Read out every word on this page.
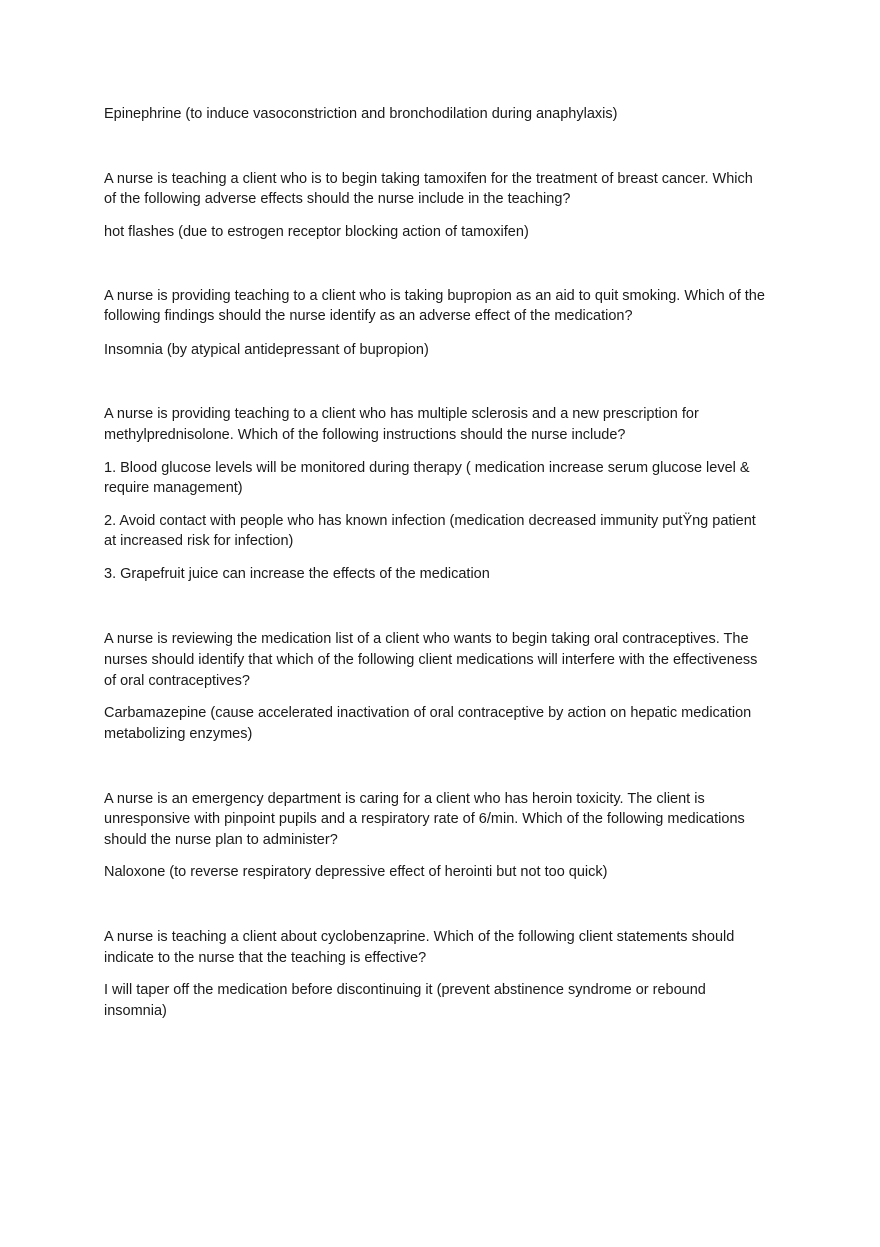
Epinephrine (to induce vasoconstriction and bronchodilation during anaphylaxis)
A nurse is teaching a client who is to begin taking tamoxifen for the treatment of breast cancer. Which
of the following adverse effects should the nurse include in the teaching?
hot flashes (due to estrogen receptor blocking action of tamoxifen)
A nurse is providing teaching to a client who is taking bupropion as an aid to quit smoking. Which of the
following findings should the nurse identify as an adverse effect of the medication?
Insomnia (by atypical antidepressant of bupropion)
A nurse is providing teaching to a client who has multiple sclerosis and a new prescription for
methylprednisolone. Which of the following instructions should the nurse include?
1. Blood glucose levels will be monitored during therapy ( medication increase serum glucose level &
require management)
2. Avoid contact with people who has known infection (medication decreased immunity putŸng patient
at increased risk for infection)
3. Grapefruit juice can increase the effects of the medication
A nurse is reviewing the medication list of a client who wants to begin taking oral contraceptives. The
nurses should identify that which of the following client medications will interfere with the effectiveness
of oral contraceptives?
Carbamazepine (cause accelerated inactivation of oral contraceptive by action on hepatic medication
metabolizing enzymes)
A nurse is an emergency department is caring for a client who has heroin toxicity. The client is
unresponsive with pinpoint pupils and a respiratory rate of 6/min. Which of the following medications
should the nurse plan to administer?
Naloxone (to reverse respiratory depressive effect of herointi but not too quick)
A nurse is teaching a client about cyclobenzaprine. Which of the following client statements should
indicate to the nurse that the teaching is effective?
I will taper off the medication before discontinuing it (prevent abstinence syndrome or rebound
insomnia)
